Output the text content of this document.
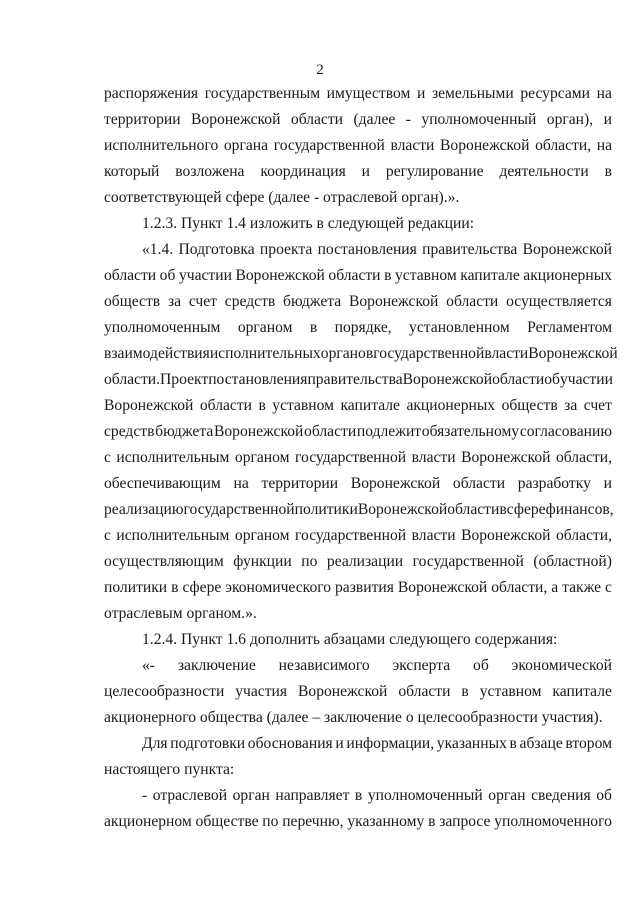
2
распоряжения государственным имуществом и земельными ресурсами на
территории Воронежской области (далее - уполномоченный орган), и
исполнительного органа государственной власти Воронежской области, на
который возложена координация и регулирование деятельности в
соответствующей сфере (далее - отраслевой орган).».
1.2.3. Пункт 1.4 изложить в следующей редакции:
«1.4. Подготовка проекта постановления правительства Воронежской
области об участии Воронежской области в уставном капитале акционерных
обществ за счет средств бюджета Воронежской области осуществляется
уполномоченным органом в порядке, установленном Регламентом
взаимодействия исполнительных органов государственной власти Воронежской
области. Проект постановления правительства Воронежской области об участии
Воронежской области в уставном капитале акционерных обществ за счет
средств бюджета Воронежской области подлежит обязательному согласованию
с исполнительным органом государственной власти Воронежской области,
обеспечивающим на территории Воронежской области разработку и
реализацию государственной политики Воронежской области в сфере финансов,
с исполнительным органом государственной власти Воронежской области,
осуществляющим функции по реализации государственной (областной)
политики в сфере экономического развития Воронежской области, а также с
отраслевым органом.».
1.2.4. Пункт 1.6 дополнить абзацами следующего содержания:
«- заключение независимого эксперта об экономической
целесообразности участия Воронежской области в уставном капитале
акционерного общества (далее – заключение о целесообразности участия).
Для подготовки обоснования и информации, указанных в абзаце втором
настоящего пункта:
- отраслевой орган направляет в уполномоченный орган сведения об
акционерном обществе по перечню, указанному в запросе уполномоченного
